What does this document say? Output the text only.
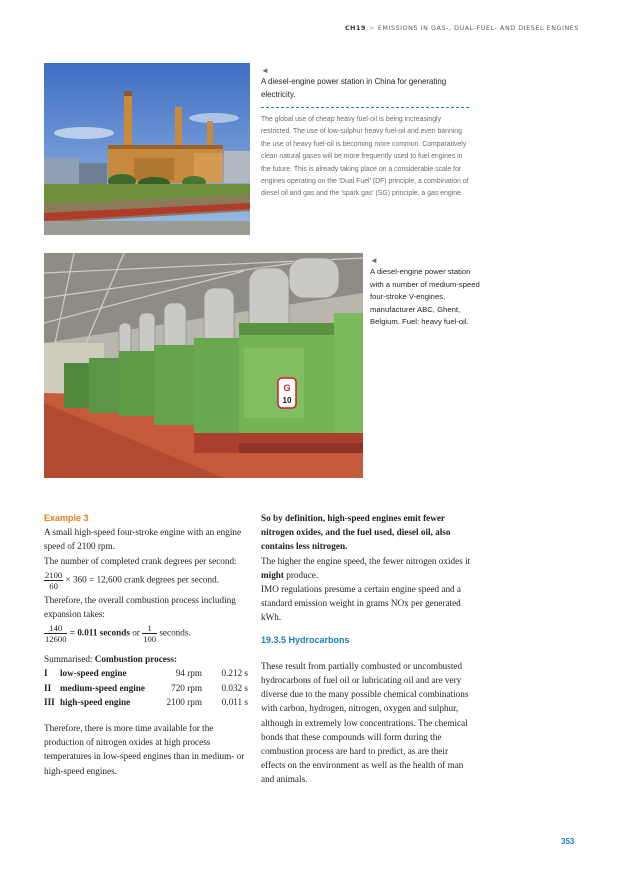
CH19 > EMISSIONS IN GAS-, DUAL-FUEL- AND DIESEL ENGINES
◄
A diesel-engine power station in China for generating electricity.
The global use of cheap heavy fuel-oil is being increasingly restricted. The use of low-sulphur heavy fuel-oil and even banning the use of heavy fuel-oil is becoming more common. Comparatively clean natural gases will be more frequently used to fuel engines in the future. This is already taking place on a considerable scale for engines operating on the 'Dual Fuel' (DF) principle, a combination of diesel oil and gas and the 'spark gas' (SG) principle, a gas engine.
G
10
◄
A diesel-engine power station with a number of medium-speed four-stroke V-engines, manufacturer ABC, Ghent, Belgium. Fuel: heavy fuel-oil.
Example 3

A small high-speed four-stroke engine with an engine speed of 2100 rpm.

The number of completed crank degrees per second:

$\frac{2100}{60} \times 360 = 12,600$ crank degrees per second.

Therefore, the overall combustion process including expansion takes:

$\frac{140}{12600} = 0.011$ seconds or $\frac{1}{100}$ seconds.

Summarised: Combustion process:

I	low-speed engine	94 rpm	0.212 s
II	medium-speed engine	720 rpm	0.032 s
III	high-speed engine	2100 rpm	0.011 s

Therefore, there is more time available for the production of nitrogen oxides at high process temperatures in low-speed engines than in medium- or high-speed engines.

So by definition, high-speed engines emit fewer nitrogen oxides, and the fuel used, diesel oil, also contains less nitrogen.

The higher the engine speed, the fewer nitrogen oxides it might produce.

IMO regulations presume a certain engine speed and a standard emission weight in grams NOx per generated kWh.

19.3.5 Hydrocarbons

These result from partially combusted or uncombusted hydrocarbons of fuel oil or lubricating oil and are very diverse due to the many possible chemical combinations with carbon, hydrogen, nitrogen, oxygen and sulphur, although in extremely low concentrations. The chemical bonds that these compounds will form during the combustion process are hard to predict, as are their effects on the environment as well as the health of man and animals.

353
